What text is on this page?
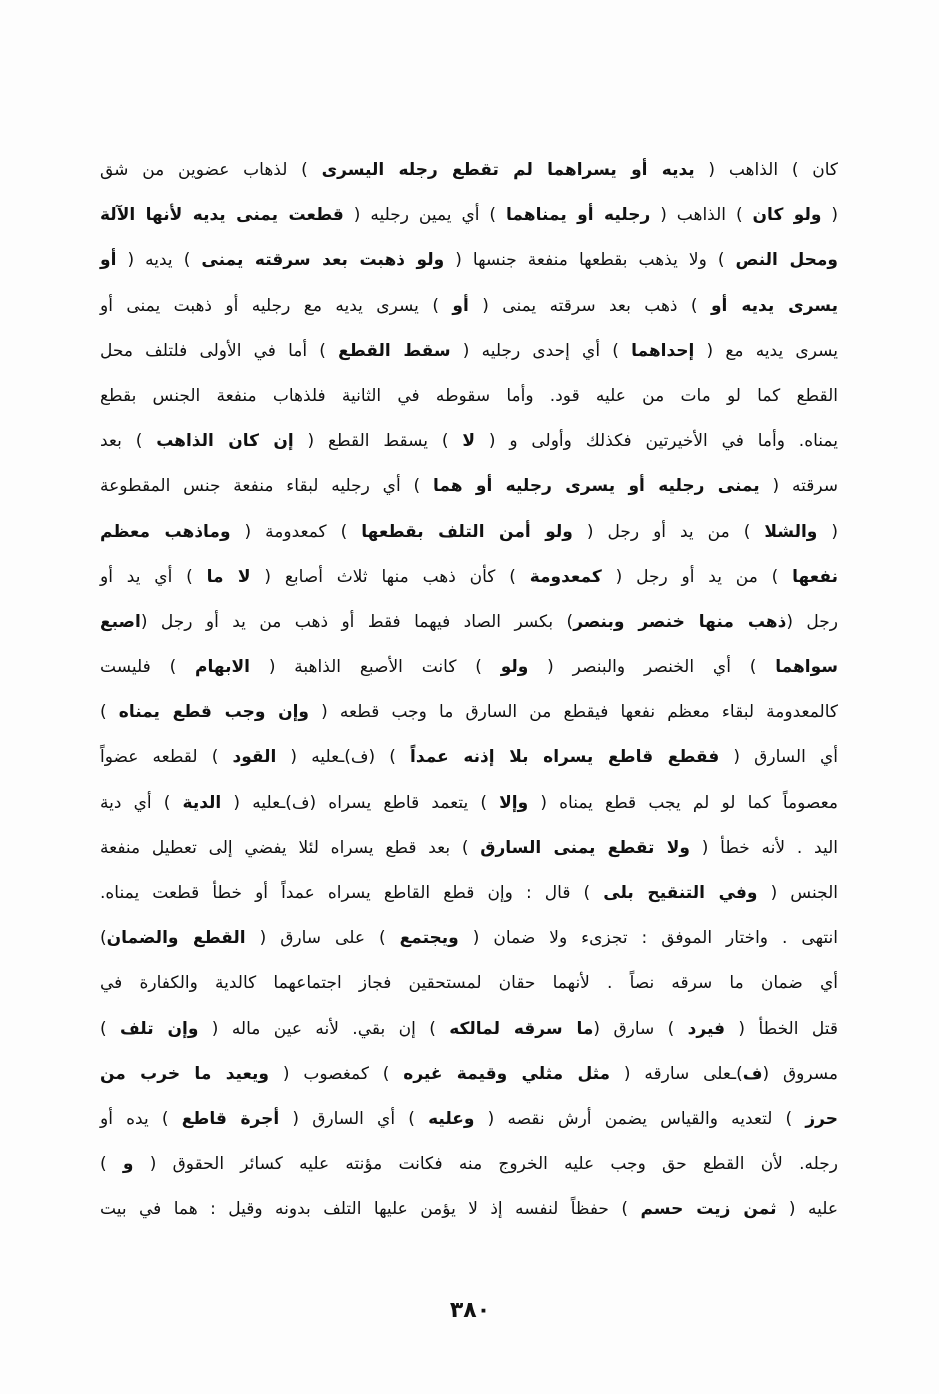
كان ) الذاهب ( يديه أو يسراهما لم تقطع رجله اليسرى ) لذهاب عضوين من شق
( ولو كان ) الذاهب ( رجليه أو يمناهما ) أي يمين رجليه ( قطعت يمنى يديه لأنها الآلة
ومحل النص ) ولا يذهب بقطعها منفعة جنسها ( ولو ذهبت بعد سرقته يمنى ) يديه ( أو
يسرى يديه أو ) ذهب بعد سرقته يمنى ( أو ) يسرى يديه مع رجليه أو ذهبت يمنى أو
يسرى يديه مع ( إحداهما ) أي إحدى رجليه ( سقط القطع ) أما في الأولى فلتلف محل
القطع كما لو مات من عليه قود. وأما سقوطه في الثانية فلذهاب منفعة الجنس بقطع
يمناه. وأما في الأخيرتين فكذلك وأولى و ( لا ) يسقط القطع ( إن كان الذاهب ) بعد
سرقته ( يمنى رجليه أو يسرى رجليه أو هما ) أي رجليه لبقاء منفعة جنس المقطوعة
( والشلا ) من يد أو رجل ( ولو أمن التلف بقطعها ) كمعدومة ( وماذهب معظم
نفعها ) من يد أو رجل ( كمعدومة ) كأن ذهب منها ثلاث أصابع ( لا ما ) أي يد أو
رجل (ذهب منها خنصر وبنصر) بكسر الصاد فيهما فقط أو ذهب من يد أو رجل (اصبع
سواهما ) أي الخنصر والبنصر ( ولو ) كانت الأصبع الذاهبة ( الابهام ) فليست
كالمعدومة لبقاء معظم نفعها فيقطع من السارق ما وجب قطعه ( وإن وجب قطع يمناه )
أي السارق ( فقطع قاطع يسراه بلا إذنه عمداً ) (ف)ـعليه ( القود ) لقطعه عضواً
معصوماً كما لو لم يجب قطع يمناه ( وإلا ) يتعمد قاطع يسراه (ف)ـعليه ( الدية ) أي دية
اليد . لأنه خطأ ( ولا تقطع يمنى السارق ) بعد قطع يسراه لئلا يفضي إلى تعطيل منفعة
الجنس ( وفي التنقيح بلى ) قال : وإن قطع القاطع يسراه عمداً أو خطأ قطعت يمناه.
انتهى . واختار الموفق : تجزىء ولا ضمان ( ويجتمع ) على سارق ( القطع والضمان)
أي ضمان ما سرقه نصاً . لأنهما حقان لمستحقين فجاز اجتماعهما كالدية والكفارة في
قتل الخطأ ( فيرد ) سارق (ما سرقه لمالكه ) إن بقي. لأنه عين ماله ( وإن تلف )
مسروق (ف)ـعلى سارقه ( مثل مثلي وقيمة غيره ) كمغصوب ( ويعيد ما خرب من
حرز ) لتعديه والقياس يضمن أرش نقصه ( وعليه ) أي السارق ( أجرة قاطع ) يده أو
رجله. لأن القطع حق وجب عليه الخروج منه فكانت مؤنته عليه كسائر الحقوق ( و )
عليه ( ثمن زيت حسم ) حفظاً لنفسه إذ لا يؤمن عليها التلف بدونه وقيل : هما في بيت
٣٨٠
